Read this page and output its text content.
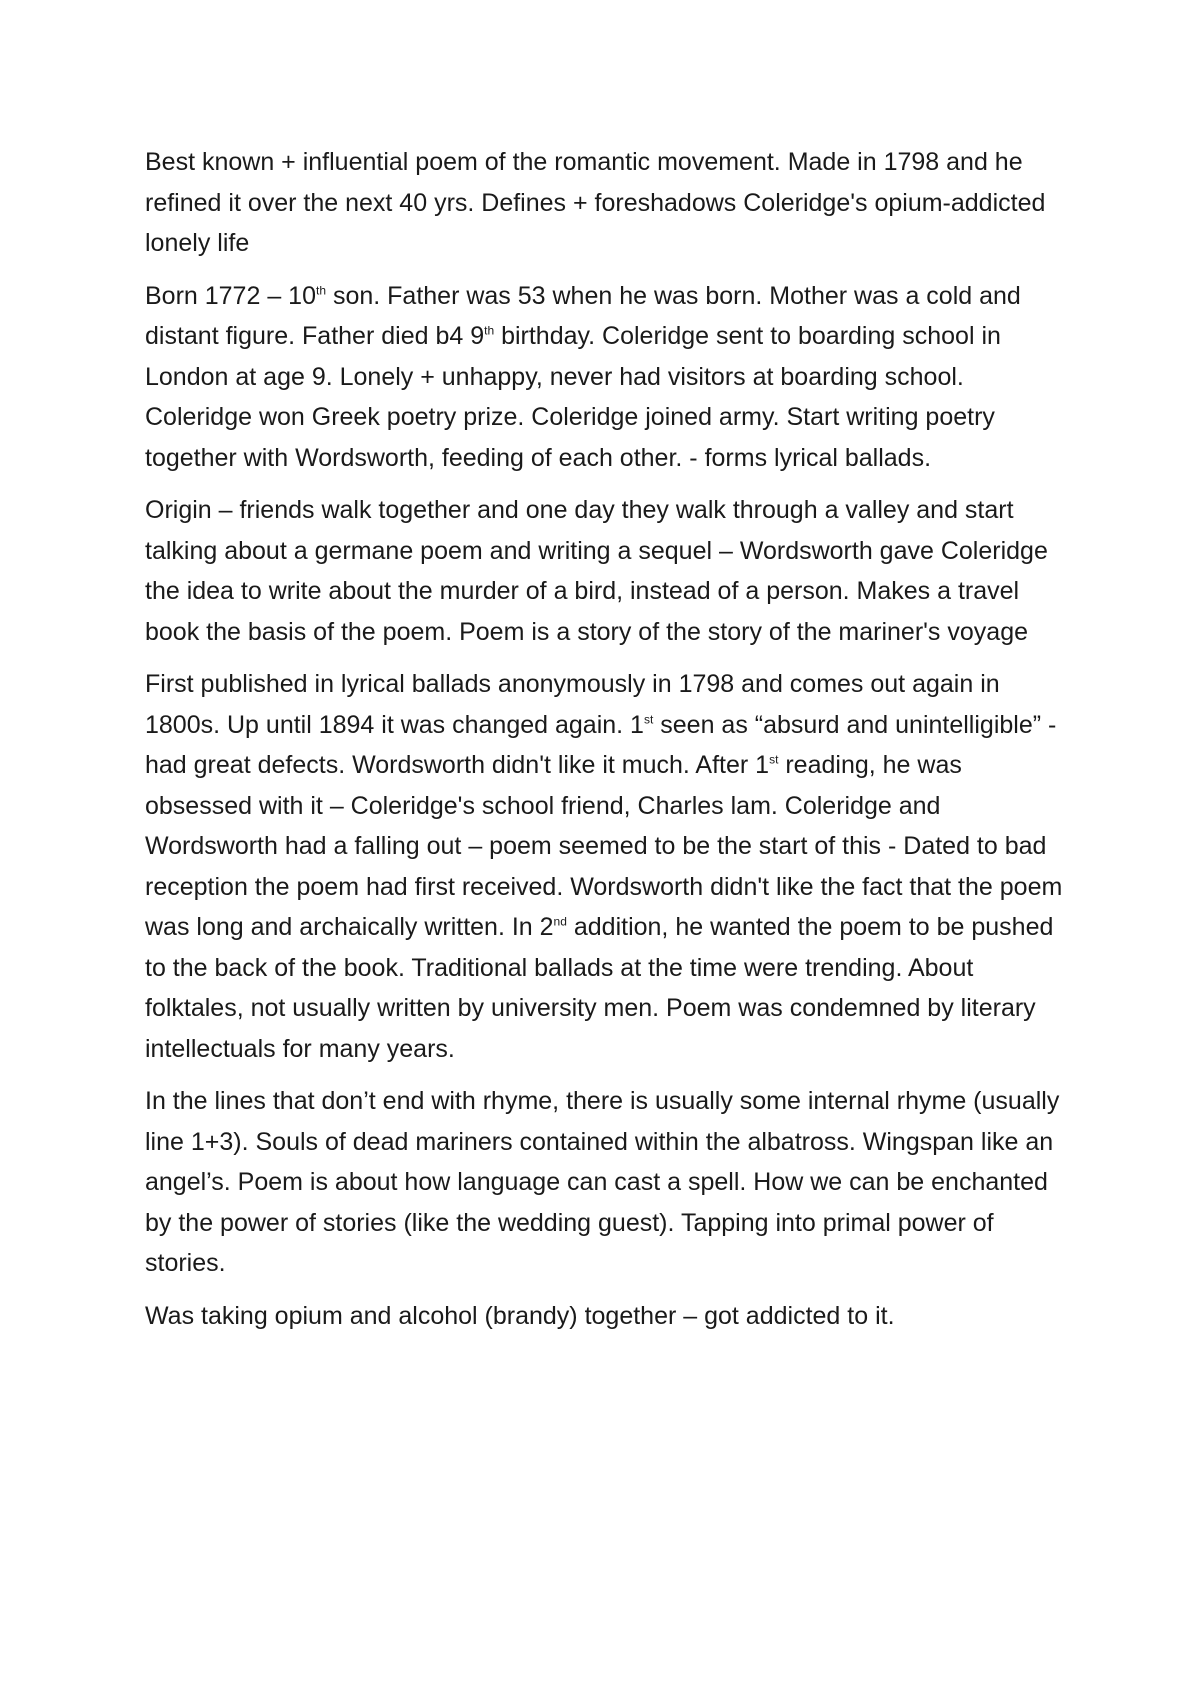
Best known + influential poem of the romantic movement. Made in 1798 and he refined it over the next 40 yrs. Defines + foreshadows Coleridge's opium-addicted lonely life

Born 1772 – 10th son. Father was 53 when he was born. Mother was a cold and distant figure. Father died b4 9th birthday. Coleridge sent to boarding school in London at age 9. Lonely + unhappy, never had visitors at boarding school. Coleridge won Greek poetry prize. Coleridge joined army. Start writing poetry together with Wordsworth, feeding of each other. - forms lyrical ballads.

Origin – friends walk together and one day they walk through a valley and start talking about a germane poem and writing a sequel – Wordsworth gave Coleridge the idea to write about the murder of a bird, instead of a person. Makes a travel book the basis of the poem. Poem is a story of the story of the mariner's voyage

First published in lyrical ballads anonymously in 1798 and comes out again in 1800s. Up until 1894 it was changed again. 1st seen as “absurd and unintelligible” - had great defects. Wordsworth didn't like it much. After 1st reading, he was obsessed with it – Coleridge's school friend, Charles lam. Coleridge and Wordsworth had a falling out – poem seemed to be the start of this - Dated to bad reception the poem had first received. Wordsworth didn't like the fact that the poem was long and archaically written. In 2nd addition, he wanted the poem to be pushed to the back of the book. Traditional ballads at the time were trending. About folktales, not usually written by university men. Poem was condemned by literary intellectuals for many years.

In the lines that don’t end with rhyme, there is usually some internal rhyme (usually line 1+3). Souls of dead mariners contained within the albatross. Wingspan like an angel’s. Poem is about how language can cast a spell. How we can be enchanted by the power of stories (like the wedding guest). Tapping into primal power of stories.

Was taking opium and alcohol (brandy) together – got addicted to it.
